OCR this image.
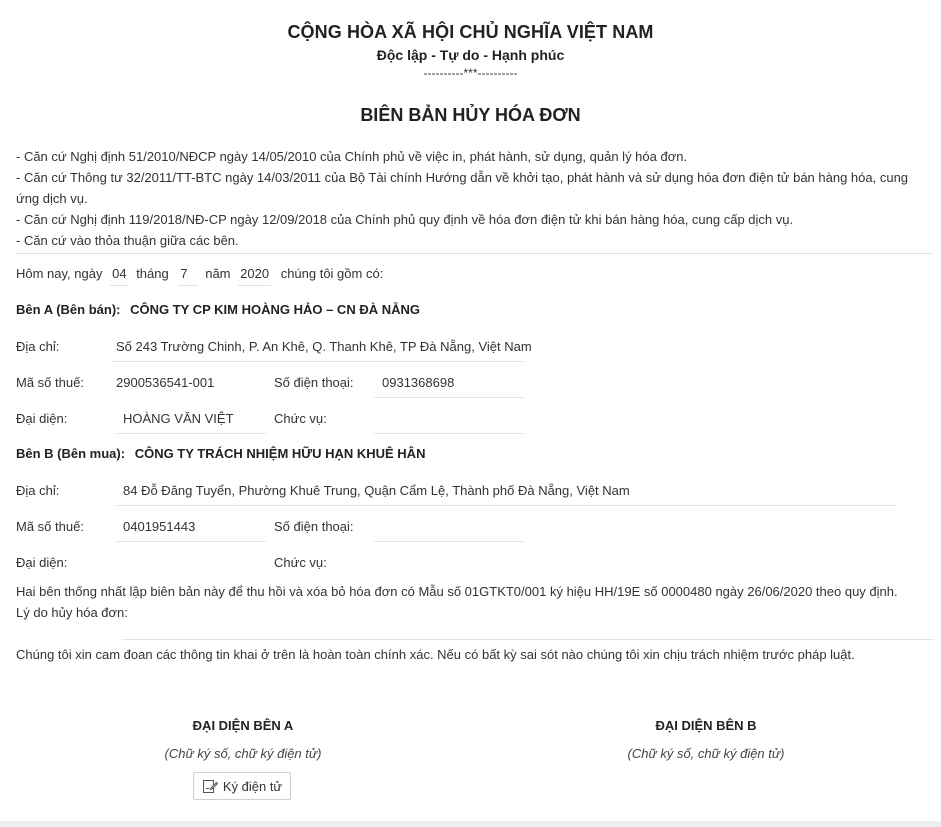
CỘNG HÒA XÃ HỘI CHỦ NGHĨA VIỆT NAM
Độc lập - Tự do - Hạnh phúc
----------***----------
BIÊN BẢN HỦY HÓA ĐƠN

- Căn cứ Nghị định 51/2010/NĐCP ngày 14/05/2010 của Chính phủ về việc in, phát hành, sử dụng, quản lý hóa đơn.

- Căn cứ Thông tư 32/2011/TT-BTC ngày 14/03/2011 của Bộ Tài chính Hướng dẫn về khởi tạo, phát hành và sử dụng hóa đơn điện tử bán hàng hóa, cung ứng dịch vụ.

- Căn cứ Nghị định 119/2018/NĐ-CP ngày 12/09/2018 của Chính phủ quy định về hóa đơn điện tử khi bán hàng hóa, cung cấp dịch vụ.

- Căn cứ vào thỏa thuận giữa các bên.

Hôm nay, ngày 04 tháng 7 năm 2020 chúng tôi gồm có:
Bên A (Bên bán): CÔNG TY CP KIM HOÀNG HẢO – CN ĐÀ NẴNG
Địa chỉ:	Số 243 Trường Chinh, P. An Khê, Q. Thanh Khê, TP Đà Nẵng, Việt Nam
Mã số thuế: 2900536541-001	Số điện thoại: 0931368698
Đại diện:	HOÀNG VĂN VIỆT	Chức vụ:
Bên B (Bên mua): CÔNG TY TRÁCH NHIỆM HỮU HẠN KHUÊ HÂN
Địa chỉ:	84 Đỗ Đăng Tuyển, Phường Khuê Trung, Quận Cẩm Lệ, Thành phố Đà Nẵng, Việt Nam
Mã số thuế:	0401951443	Số điện thoại:
Đại diện:	Chức vụ:
Hai bên thống nhất lập biên bản này để thu hồi và xóa bỏ hóa đơn có Mẫu số 01GTKT0/001 ký hiệu HH/19E số 0000480 ngày 26/06/2020 theo quy định.
Lý do hủy hóa đơn:
Chúng tôi xin cam đoan các thông tin khai ở trên là hoàn toàn chính xác. Nếu có bất kỳ sai sót nào chúng tôi xin chịu trách nhiệm trước pháp luật.
ĐẠI DIỆN BÊN A
(Chữ ký số, chữ ký điện tử)
ĐẠI DIỆN BÊN B
(Chữ ký số, chữ ký điện tử)
Ký điện tử
